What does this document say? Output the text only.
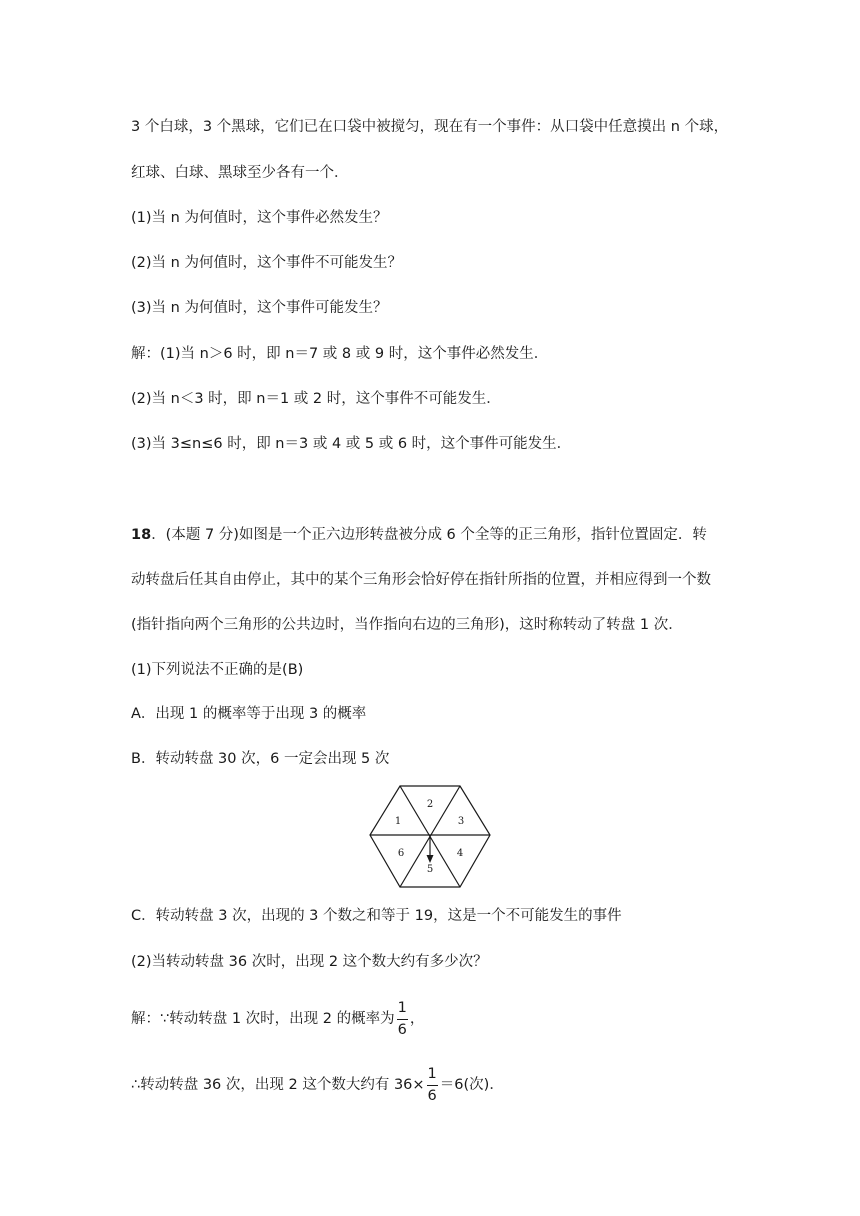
3 个白球，3 个黑球，它们已在口袋中被搅匀，现在有一个事件：从口袋中任意摸出 n 个球，
红球、白球、黑球至少各有一个．
(1)当 n 为何值时，这个事件必然发生？
(2)当 n 为何值时，这个事件不可能发生？
(3)当 n 为何值时，这个事件可能发生？
解：(1)当 n＞6 时，即 n＝7 或 8 或 9 时，这个事件必然发生．
(2)当 n＜3 时，即 n＝1 或 2 时，这个事件不可能发生．
(3)当 3≤n≤6 时，即 n＝3 或 4 或 5 或 6 时，这个事件可能发生．
18．(本题 7 分)如图是一个正六边形转盘被分成 6 个全等的正三角形，指针位置固定．转
动转盘后任其自由停止，其中的某个三角形会恰好停在指针所指的位置，并相应得到一个数
(指针指向两个三角形的公共边时，当作指向右边的三角形)，这时称转动了转盘 1 次．
(1)下列说法不正确的是(B)
A．出现 1 的概率等于出现 3 的概率
B．转动转盘 30 次，6 一定会出现 5 次
1
2
3
4
5
6
C．转动转盘 3 次，出现的 3 个数之和等于 19，这是一个不可能发生的事件
(2)当转动转盘 36 次时，出现 2 这个数大约有多少次？
解：∵转动转盘 1 次时，出现 2 的概率为 $\frac{1}{6}$ ，
∴转动转盘 36 次，出现 2 这个数大约有 $36\times \frac{1}{6} =6$(次)．
